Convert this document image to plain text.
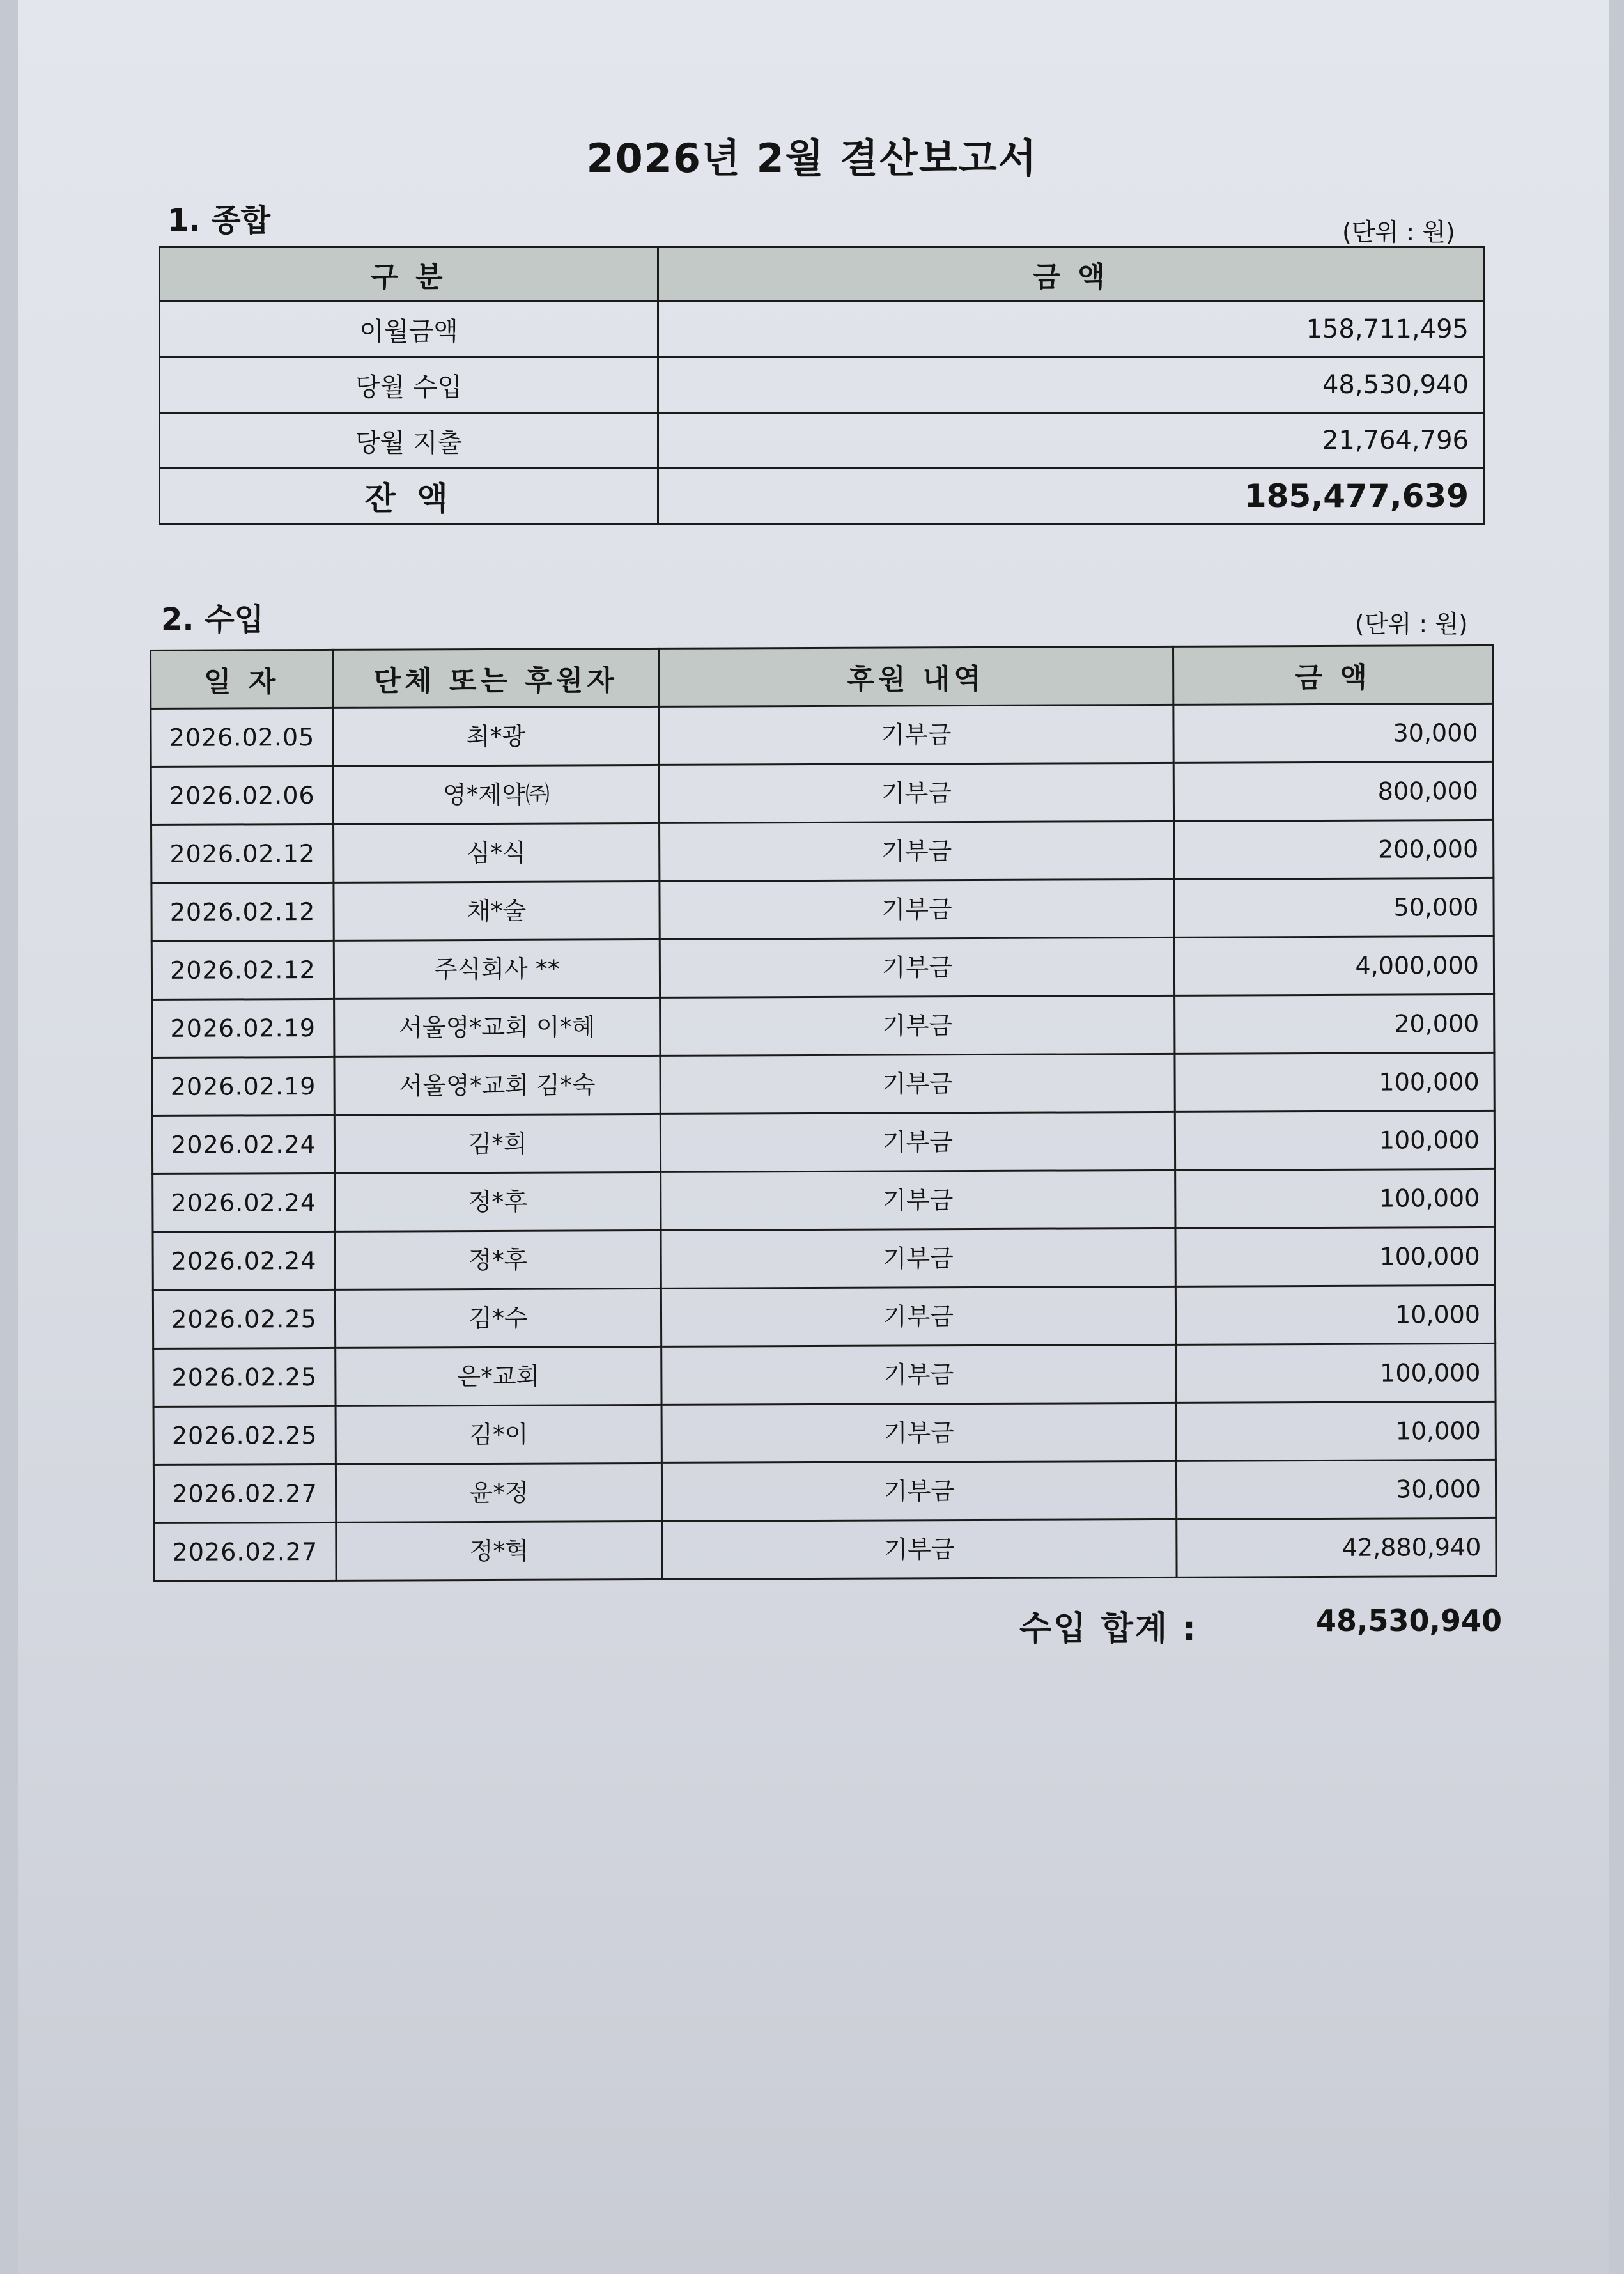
2026년 2월 결산보고서
1. 종합	(단위 : 원)
구 분	금 액
이월금액	158,711,495
당월 수입	48,530,940
당월 지출	21,764,796
잔 액	185,477,639
2. 수입	(단위 : 원)
일 자	단체 또는 후원자	후원 내역	금 액
2026.02.05	최*광	기부금	30,000
2026.02.06	영*제약㈜	기부금	800,000
2026.02.12	심*식	기부금	200,000
2026.02.12	채*술	기부금	50,000
2026.02.12	주식회사 **	기부금	4,000,000
2026.02.19	서울영*교회 이*혜	기부금	20,000
2026.02.19	서울영*교회 김*숙	기부금	100,000
2026.02.24	김*희	기부금	100,000
2026.02.24	정*후	기부금	100,000
2026.02.24	정*후	기부금	100,000
2026.02.25	김*수	기부금	10,000
2026.02.25	은*교회	기부금	100,000
2026.02.25	김*이	기부금	10,000
2026.02.27	윤*정	기부금	30,000
2026.02.27	정*혁	기부금	42,880,940
수입 합계 :	48,530,940
